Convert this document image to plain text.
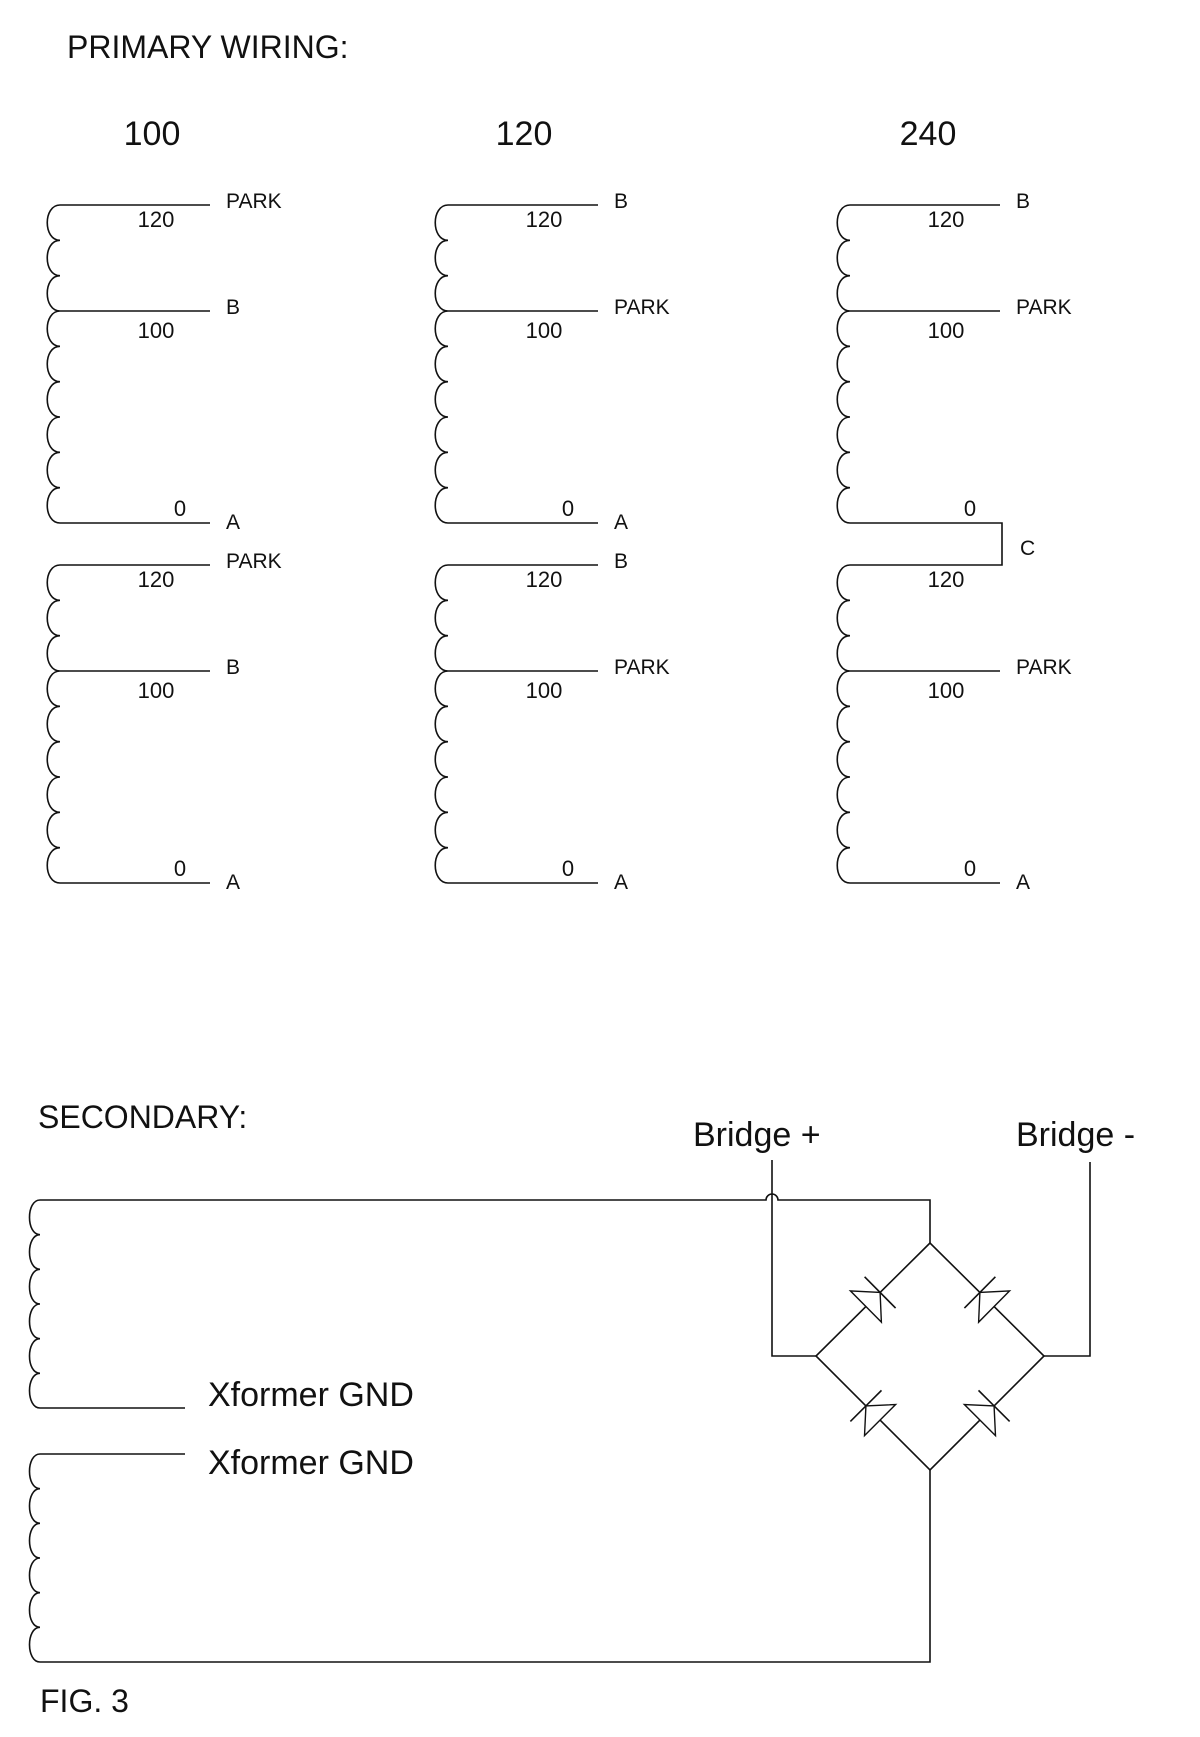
PRIMARY WIRING:
100
120
100
0
PARK
B
A
120
100
0
PARK
B
A
120
120
100
0
B
PARK
A
120
100
0
B
PARK
A
240
120
100
0
B
PARK
120
100
0
PARK
A
C
SECONDARY:	Bridge +	Bridge -
Xformer GND
Xformer GND
FIG. 3
